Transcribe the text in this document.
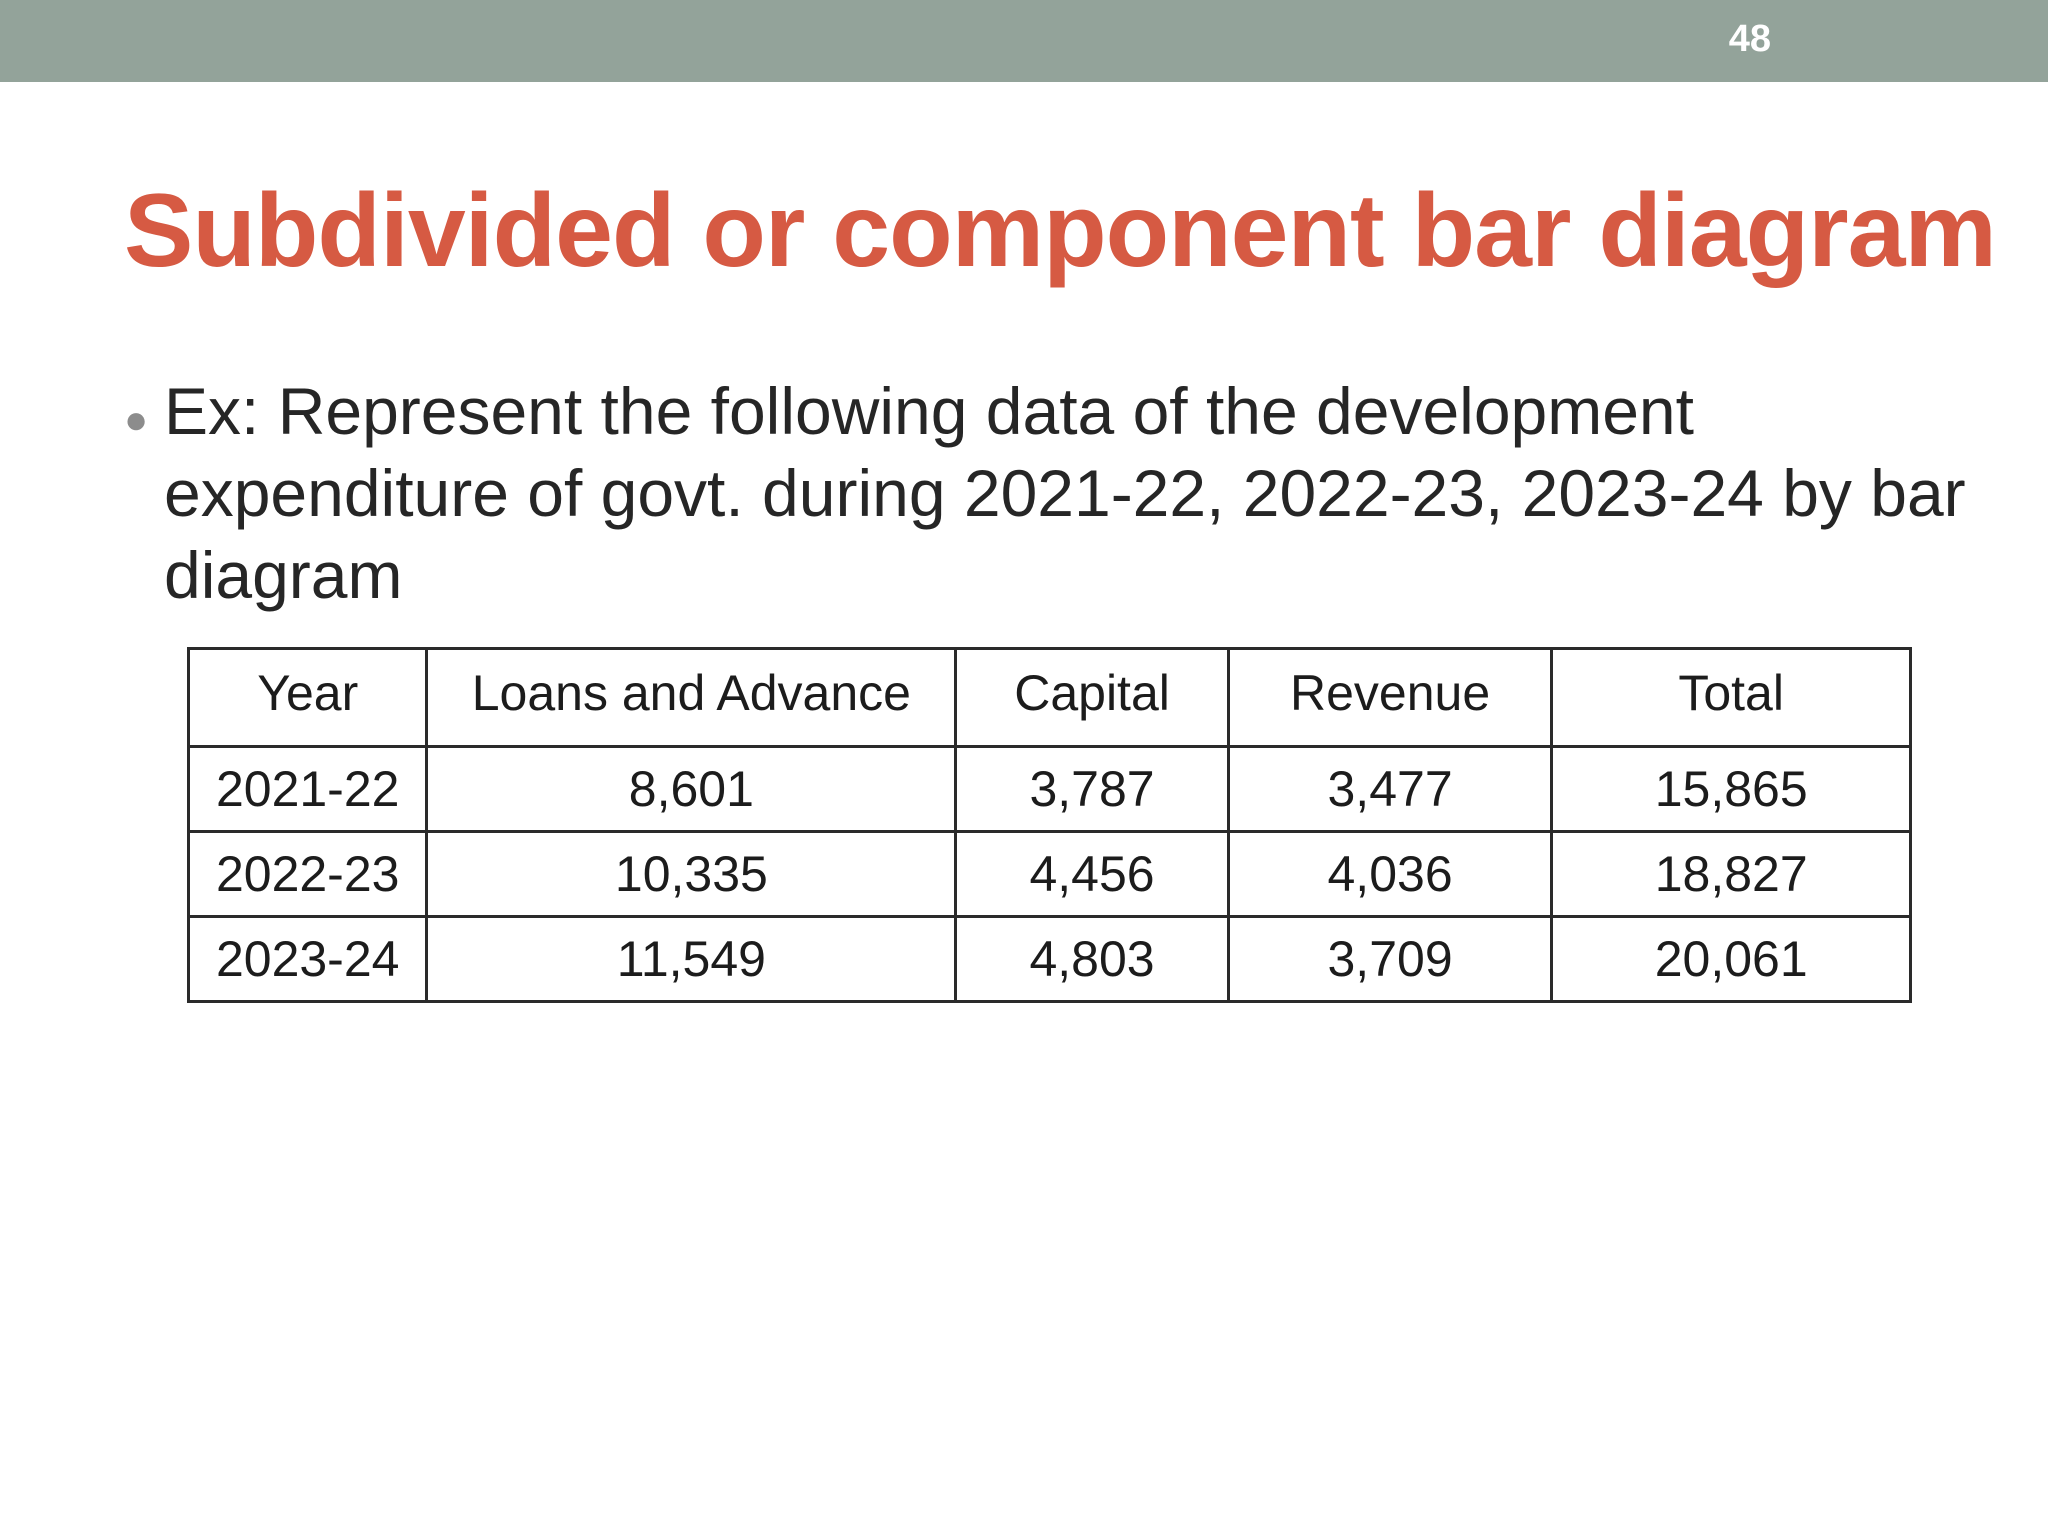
48
Subdivided or component bar diagram
● Ex: Represent the following data of the development expenditure of govt. during 2021-22, 2022-23, 2023-24 by bar diagram

Year	Loans and Advance	Capital	Revenue	Total
2021-22	8,601	3,787	3,477	15,865
2022-23	10,335	4,456	4,036	18,827
2023-24	11,549	4,803	3,709	20,061
